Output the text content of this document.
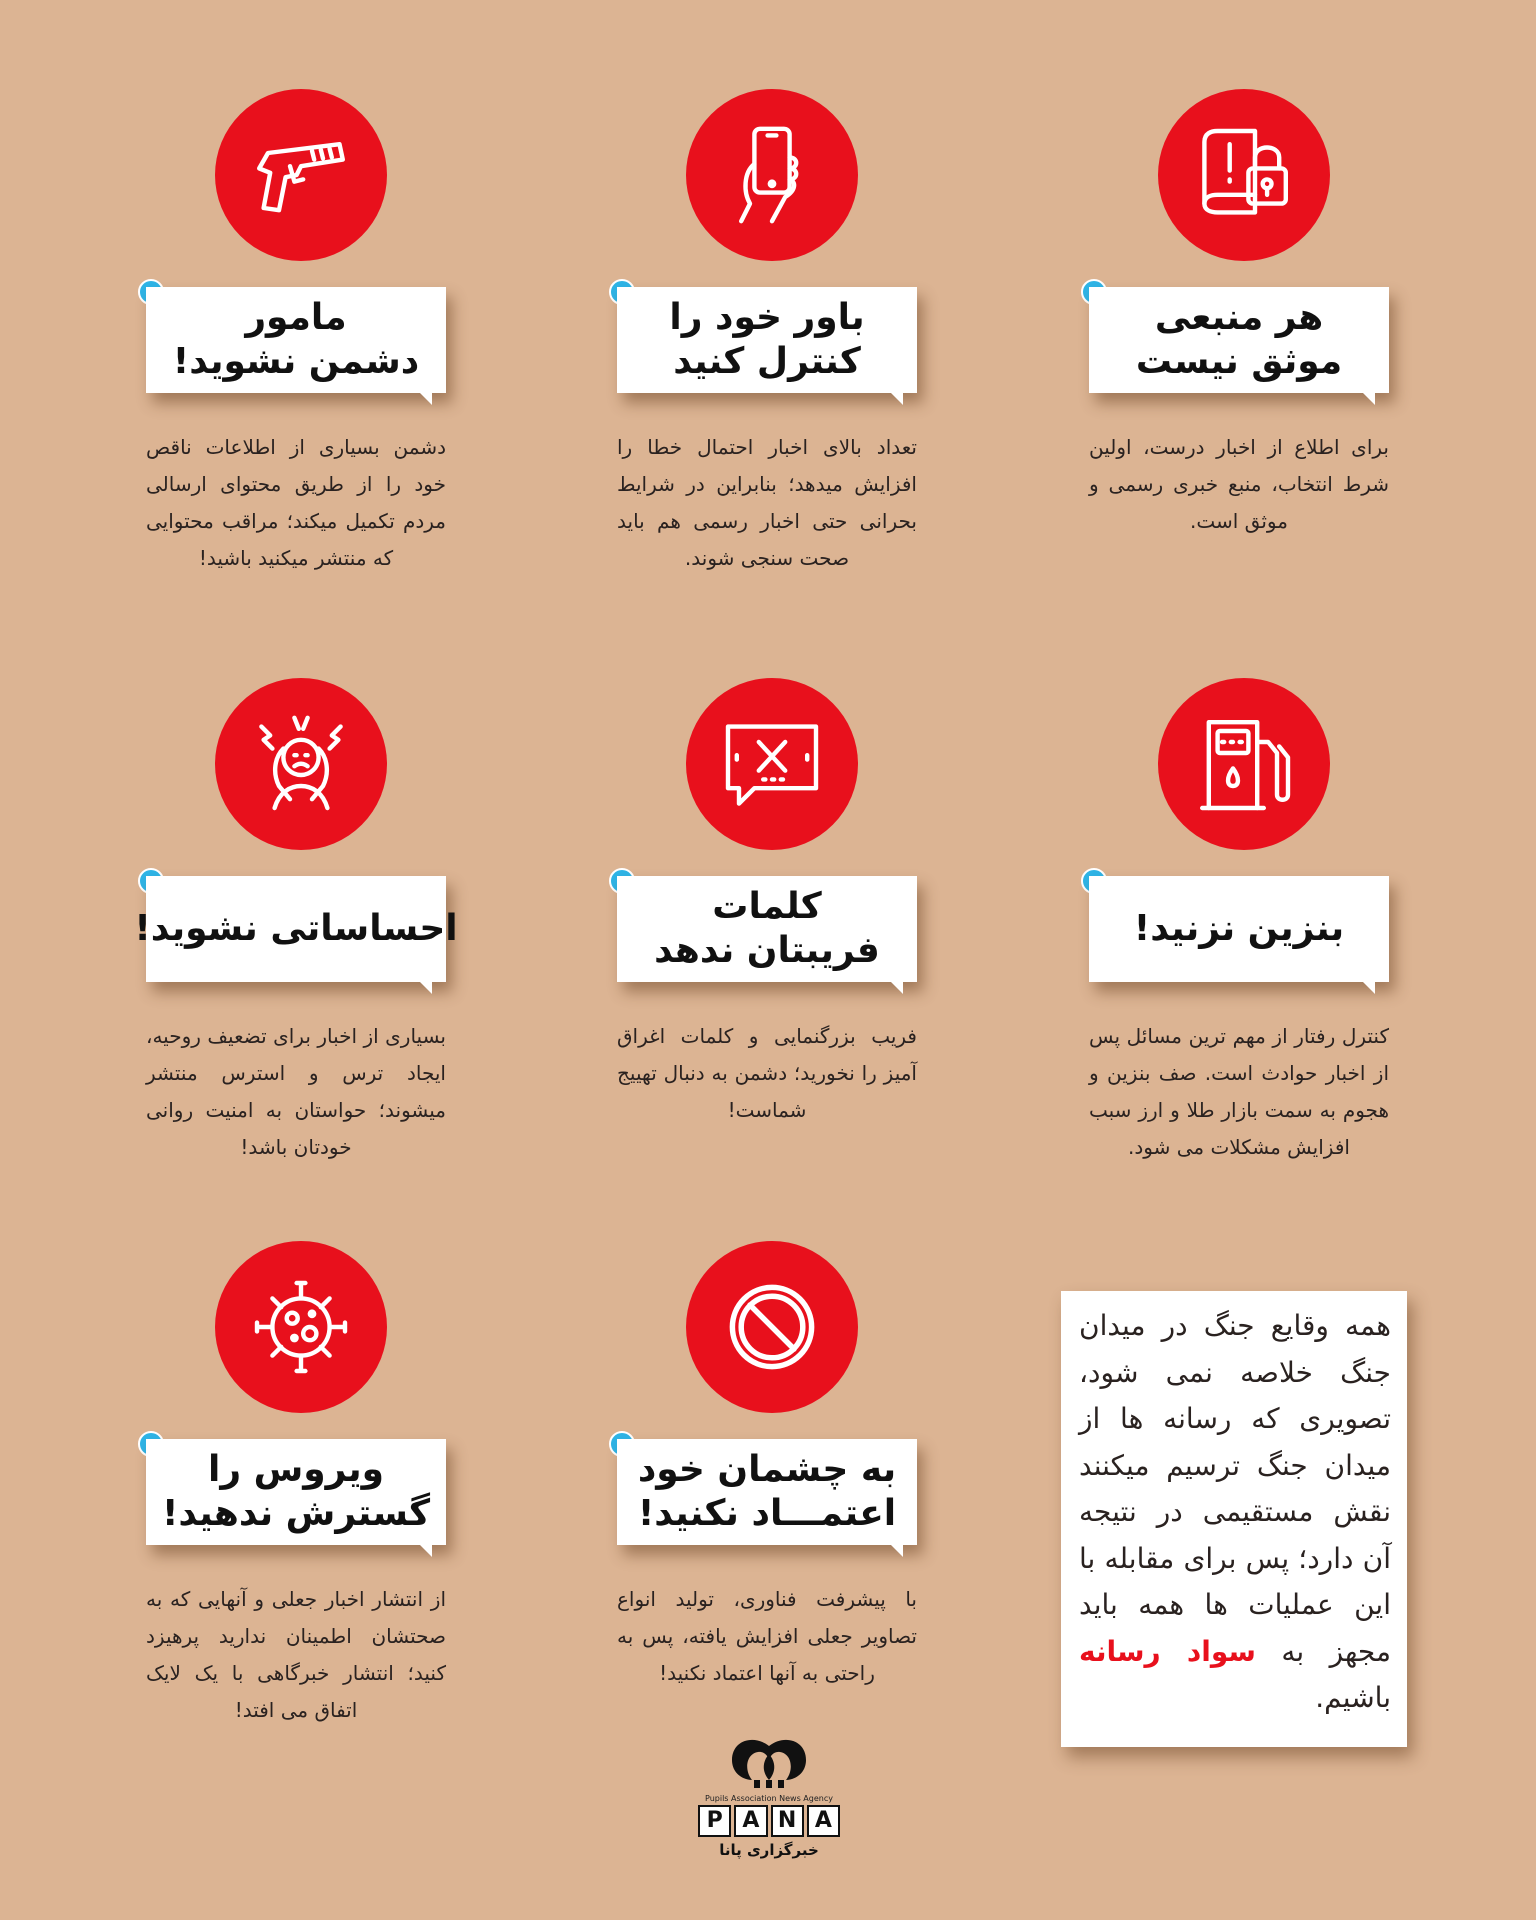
مامور
دشمن نشوید!
دشمن بسیاری از اطلاعات ناقص خود را از طریق محتوای ارسالی مردم تکمیل میکند؛ مراقب محتوایی که منتشر میکنید باشید!
باور خود را
کنترل کنید
تعداد بالای اخبار احتمال خطا را افزایش میدهد؛ بنابراین در شرایط بحرانی حتی اخبار رسمی هم باید صحت سنجی شوند.
هر منبعی
موثق نیست
برای اطلاع از اخبار درست، اولین شرط انتخاب، منبع خبری رسمی و موثق است.
احساساتی نشوید!
بسیاری از اخبار برای تضعیف روحیه، ایجاد ترس و استرس منتشر میشوند؛ حواستان به امنیت روانی خودتان باشد!
کلمات
فریبتان ندهد
فریب بزرگنمایی و کلمات اغراق آمیز را نخورید؛ دشمن به دنبال تهییج شماست!
بنزین نزنید!
کنترل رفتار از مهم ترین مسائل پس از اخبار حوادث است. صف بنزین و هجوم به سمت بازار طلا و ارز سبب افزایش مشکلات می شود.
ویروس را
گسترش ندهید!
از انتشار اخبار جعلی و آنهایی که به صحتشان اطمینان ندارید پرهیزد کنید؛ انتشار خبرگاهی با یک لایک اتفاق می افتد!
به چشمان خود
اعتمـــاد نکنید!
با پیشرفت فناوری، تولید انواع تصاویر جعلی افزایش یافته، پس به راحتی به آنها اعتماد نکنید!
همه وقایع جنگ در میدان جنگ خلاصه نمی شود، تصویری که رسانه ها از میدان جنگ ترسیم میکنند نقش مستقیمی در نتیجه آن دارد؛ پس برای مقابله با این عملیات ها همه باید مجهز به سواد رسانه باشیم.
Pupils Association News Agency
P A N A
خبرگزاری پانا
